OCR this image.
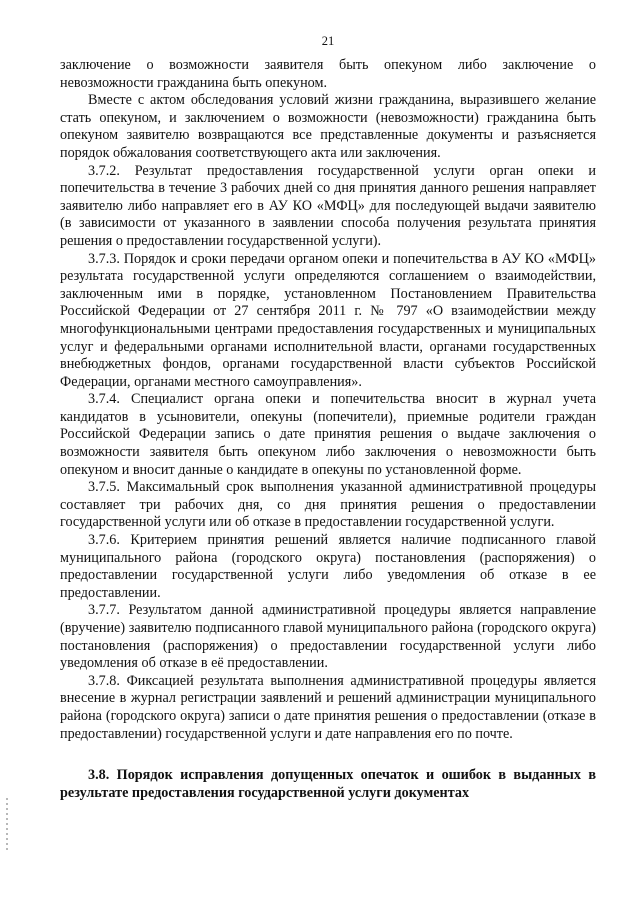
21

заключение о возможности заявителя быть опекуном либо заключение о невозможности гражданина быть опекуном.

Вместе с актом обследования условий жизни гражданина, выразившего желание стать опекуном, и заключением о возможности (невозможности) гражданина быть опекуном заявителю возвращаются все представленные документы и разъясняется порядок обжалования соответствующего акта или заключения.

3.7.2. Результат предоставления государственной услуги орган опеки и попечительства в течение 3 рабочих дней со дня принятия данного решения направляет заявителю либо направляет его в АУ КО «МФЦ» для последующей выдачи заявителю (в зависимости от указанного в заявлении способа получения результата принятия решения о предоставлении государственной услуги).

3.7.3. Порядок и сроки передачи органом опеки и попечительства в АУ КО «МФЦ» результата государственной услуги определяются соглашением о взаимодействии, заключенным ими в порядке, установленном Постановлением Правительства Российской Федерации от 27 сентября 2011 г. № 797 «О взаимодействии между многофункциональными центрами предоставления государственных и муниципальных услуг и федеральными органами исполнительной власти, органами государственных внебюджетных фондов, органами государственной власти субъектов Российской Федерации, органами местного самоуправления».

3.7.4. Специалист органа опеки и попечительства вносит в журнал учета кандидатов в усыновители, опекуны (попечители), приемные родители граждан Российской Федерации запись о дате принятия решения о выдаче заключения о возможности заявителя быть опекуном либо заключения о невозможности быть опекуном и вносит данные о кандидате в опекуны по установленной форме.

3.7.5. Максимальный срок выполнения указанной административной процедуры составляет три рабочих дня, со дня принятия решения о предоставлении государственной услуги или об отказе в предоставлении государственной услуги.

3.7.6. Критерием принятия решений является наличие подписанного главой муниципального района (городского округа) постановления (распоряжения) о предоставлении государственной услуги либо уведомления об отказе в ее предоставлении.

3.7.7. Результатом данной административной процедуры является направление (вручение) заявителю подписанного главой муниципального района (городского округа) постановления (распоряжения) о предоставлении государственной услуги либо уведомления об отказе в её предоставлении.

3.7.8. Фиксацией результата выполнения административной процедуры является внесение в журнал регистрации заявлений и решений администрации муниципального района (городского округа) записи о дате принятия решения о предоставлении (отказе в предоставлении) государственной услуги и дате направления его по почте.

3.8. Порядок исправления допущенных опечаток и ошибок в выданных в результате предоставления государственной услуги документах
